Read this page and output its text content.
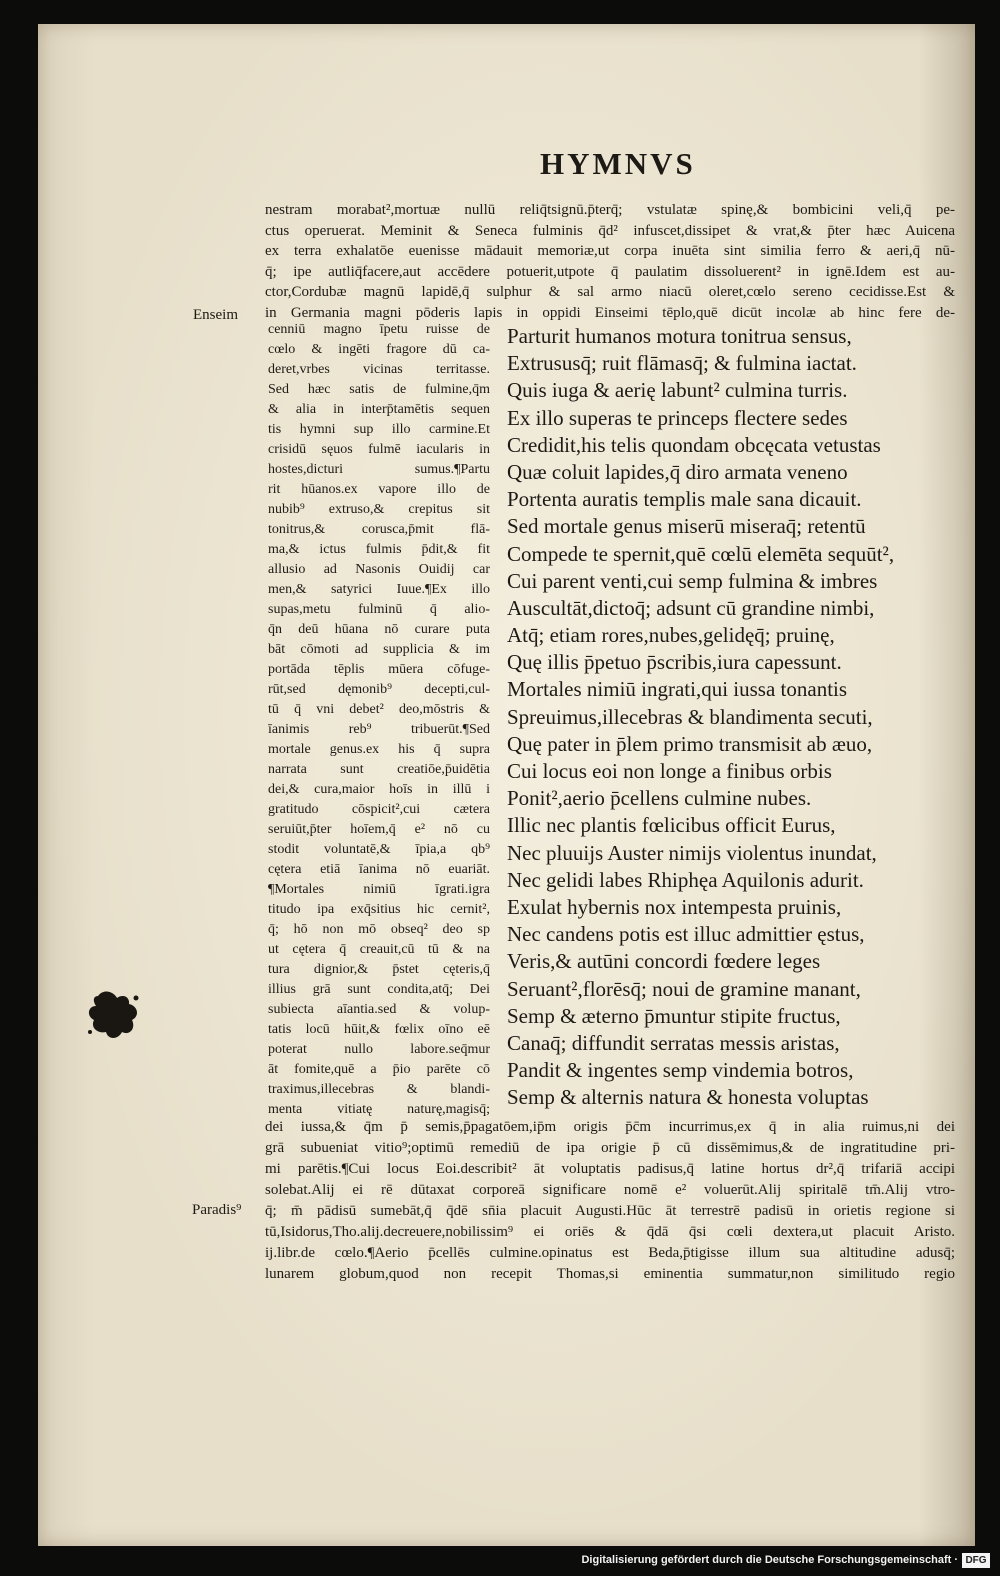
HYMNVS
nestram morabat²,mortuæ nullū reliq̄tsignū.p̄terq̄; vstulatæ spinę,& bombicini veli,q̄ pe-
ctus operuerat. Meminit & Seneca fulminis q̄d² infuscet,dissipet & vrat,& p̄ter hæc Auicena
ex terra exhalatōe euenisse mādauit memoriæ,ut corpa inuēta sint similia ferro & aeri,q̄ nū-
q̄; ipe autliq̄facere,aut accēdere potuerit,utpote q̄ paulatim dissoluerent² in ignē.Idem est au-
ctor,Cordubæ magnū lapidē,q̄ sulphur & sal armo niacū oleret,cœlo sereno cecidisse.Est &
in Germania magni pōderis lapis in oppidi Einseimi tēplo,quē dicūt incolæ ab hinc fere de-
Enseim
cenniū magno īpetu ruisse de
cœlo & ingēti fragore dū ca-
deret,vrbes vicinas territasse.
Sed hæc satis de fulmine,q̄m
& alia in interp̄tamētis sequen
tis hymni sup illo carmine.Et
crisidū sęuos fulmē iacularis in
hostes,dicturi sumus.¶Partu
rit hūanos.ex vapore illo de
nubib⁹ extruso,& crepitus sit
tonitrus,& corusca,p̄mit flā-
ma,& ictus fulmis p̄dit,& fit
allusio ad Nasonis Ouidij car
men,& satyrici Iuue.¶Ex illo
supas,metu fulminū q̄ alio-
q̄n deū hūana nō curare puta
bāt cōmoti ad supplicia & im
portāda tēplis mūera cōfuge-
rūt,sed dęmonib⁹ decepti,cul-
tū q̄ vni debet² deo,mōstris &
īanimis reb⁹ tribuerūt.¶Sed
mortale genus.ex his q̄ supra
narrata sunt creatiōe,p̄uidētia
dei,& cura,maior hoīs in illū i
gratitudo cōspicit²,cui cætera
seruiūt,p̄ter hoīem,q̄ e² nō cu
stodit voluntatē,& īpia,a qb⁹
cętera etiā īanima nō euariāt.
¶Mortales nimiū īgrati.igra
titudo ipa exq̄sitius hic cernit²,
q̄; hō non mō obseq² deo sp
ut cętera q̄ creauit,cū tū & na
tura dignior,& p̄stet cęteris,q̄
illius grā sunt condita,atq̄; Dei
subiecta aīantia.sed & volup-
tatis locū hūit,& fœlix oīno eē
poterat nullo labore.seq̄mur
āt fomite,quē a p̄io parēte cō
traximus,illecebras & blandi-
menta vitiatę naturę,magisq̄;
Parturit humanos motura tonitrua sensus,
Extrususq̄; ruit flāmasq̄; & fulmina iactat.
Quis iuga & aerię labunt² culmina turris.
Ex illo superas te princeps flectere sedes
Credidit,his telis quondam obcęcata vetustas
Quæ coluit lapides,q̄ diro armata veneno
Portenta auratis templis male sana dicauit.
Sed mortale genus miserū miseraq̄; retentū
Compede te spernit,quē cœlū elemēta sequūt²,
Cui parent venti,cui semp fulmina & imbres
Auscultāt,dictoq̄; adsunt cū grandine nimbi,
Atq̄; etiam rores,nubes,gelidęq̄; pruinę,
Quę illis p̄petuo p̄scribis,iura capessunt.
Mortales nimiū ingrati,qui iussa tonantis
Spreuimus,illecebras & blandimenta secuti,
Quę pater in p̄lem primo transmisit ab æuo,
Cui locus eoi non longe a finibus orbis
Ponit²,aerio p̄cellens culmine nubes.
Illic nec plantis fœlicibus officit Eurus,
Nec pluuijs Auster nimijs violentus inundat,
Nec gelidi labes Rhiphęa Aquilonis adurit.
Exulat hybernis nox intempesta pruinis,
Nec candens potis est illuc admittier ęstus,
Veris,& autūni concordi fœdere leges
Seruant²,florēsq̄; noui de gramine manant,
Semp & æterno p̄muntur stipite fructus,
Canaq̄; diffundit serratas messis aristas,
Pandit & ingentes semp vindemia botros,
Semp & alternis natura & honesta voluptas
dei iussa,& q̄m p̄ semis,p̄pagatōem,ip̄m origis p̄c̄m incurrimus,ex q̄ in alia ruimus,ni dei
grā subueniat vitio⁹;optimū remediū de ipa origie p̄ cū dissēmimus,& de ingratitudine pri-
mi parētis.¶Cui locus Eoi.describit² āt voluptatis padisus,q̄ latine hortus dr²,q̄ trifariā accipi
solebat.Alij ei rē dūtaxat corporeā significare nomē e² voluerūt.Alij spiritalē tm̄.Alij vtro-
q̄; m̄ pādisū sumebāt,q̄ q̄dē sn̄ia placuit Augusti.Hūc āt terrestrē padisū in orietis regione si
tū,Isidorus,Tho.alij.decreuere,nobilissim⁹ ei oriēs & q̄dā q̄si cœli dextera,ut placuit Aristo.
ij.libr.de cœlo.¶Aerio p̄cellēs culmine.opinatus est Beda,p̄tigisse illum sua altitudine adusq̄;
lunarem globum,quod non recepit Thomas,si eminentia summatur,non similitudo regio
Paradis⁹
Digitalisierung gefördert durch die Deutsche Forschungsgemeinschaft · DFG
